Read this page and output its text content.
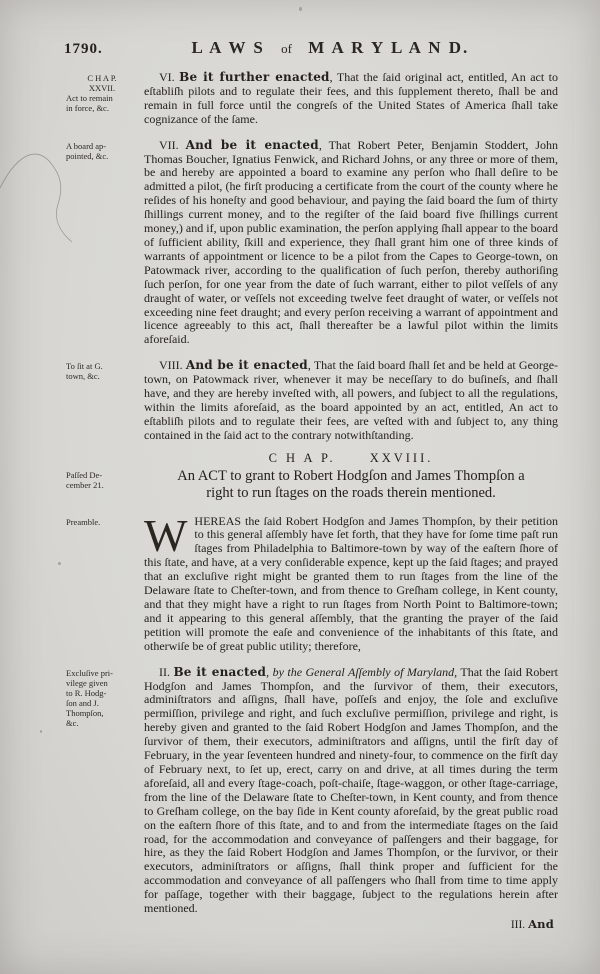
1790.	L A W S of M A R Y L A N D.
C H A P.
XXVII.
Act to remain
in force, &c.
VI. Be it further enacted, That the ſaid original act, entitled, An act to eſtabliſh pilots and to regulate their fees, and this ſupplement thereto, ſhall be and remain in full force until the congreſs of the United States of America ſhall take cognizance of the ſame.
A board ap-
pointed, &c.
VII. And be it enacted, That Robert Peter, Benjamin Stoddert, John Thomas Boucher, Ignatius Fenwick, and Richard Johns, or any three or more of them, be and hereby are appointed a board to examine any perſon who ſhall deſire to be admitted a pilot, (he firſt producing a certificate from the court of the county where he reſides of his honeſty and good behaviour, and paying the ſaid board the ſum of thirty ſhillings current money, and to the regiſter of the ſaid board five ſhillings current money,) and if, upon public examination, the perſon applying ſhall appear to the board of ſufficient ability, ſkill and experience, they ſhall grant him one of three kinds of warrants of appointment or licence to be a pilot from the Capes to George-town, on Patowmack river, according to the qualification of ſuch perſon, thereby authoriſing ſuch perſon, for one year from the date of ſuch warrant, either to pilot veſſels of any draught of water, or veſſels not exceeding twelve feet draught of water, or veſſels not exceeding nine feet draught; and every perſon receiving a warrant of appointment and licence agreeably to this act, ſhall thereafter be a lawful pilot within the limits aforeſaid.
To ſit at G.
town, &c.
VIII. And be it enacted, That the ſaid board ſhall ſet and be held at George-town, on Patowmack river, whenever it may be neceſſary to do buſineſs, and ſhall have, and they are hereby inveſted with, all powers, and ſubject to all the regulations, within the limits aforeſaid, as the board appointed by an act, entitled, An act to eſtabliſh pilots and to regulate their fees, are veſted with and ſubject to, any thing contained in the ſaid act to the contrary notwithſtanding.
C H A P.	XXVIII.
Paſſed De-
cember 21.
An ACT to grant to Robert Hodgſon and James Thompſon a
right to run ſtages on the roads therein mentioned.
Preamble. WHEREAS the ſaid Robert Hodgſon and James Thompſon, by their petition to this general aſſembly have ſet forth, that they have for ſome time paſt run ſtages from Philadelphia to Baltimore-town by way of the eaſtern ſhore of this ſtate, and have, at a very conſiderable expence, kept up the ſaid ſtages; and prayed that an excluſive right might be granted them to run ſtages from the line of the Delaware ſtate to Cheſter-town, and from thence to Greſham college, in Kent county, and that they might have a right to run ſtages from North Point to Baltimore-town; and it appearing to this general aſſembly, that the granting the prayer of the ſaid petition will promote the eaſe and convenience of the inhabitants of this ſtate, and otherwiſe be of great public utility; therefore,
Excluſive pri-
vilege given
to R. Hodg-
ſon and J.
Thompſon,
&c.
II. Be it enacted, by the General Aſſembly of Maryland, That the ſaid Robert Hodgſon and James Thompſon, and the ſurvivor of them, their executors, adminiſtrators and aſſigns, ſhall have, poſſeſs and enjoy, the ſole and excluſive permiſſion, privilege and right, and ſuch excluſive permiſſion, privilege and right, is hereby given and granted to the ſaid Robert Hodgſon and James Thompſon, and the ſurvivor of them, their executors, adminiſtrators and aſſigns, until the firſt day of February, in the year ſeventeen hundred and ninety-four, to commence on the firſt day of February next, to ſet up, erect, carry on and drive, at all times during the term aforeſaid, all and every ſtage-coach, poſt-chaiſe, ſtage-waggon, or other ſtage-carriage, from the line of the Delaware ſtate to Cheſter-town, in Kent county, and from thence to Greſham college, on the bay ſide in Kent county aforeſaid, by the great public road on the eaſtern ſhore of this ſtate, and to and from the intermediate ſtages on the ſaid road, for the accommodation and conveyance of paſſengers and their baggage, for hire, as they the ſaid Robert Hodgſon and James Thompſon, or the ſurvivor, or their executors, adminiſtrators or aſſigns, ſhall think proper and ſufficient for the accommodation and conveyance of all paſſengers who ſhall from time to time apply for paſſage, together with their baggage, ſubject to the regulations herein after mentioned.
III. And
